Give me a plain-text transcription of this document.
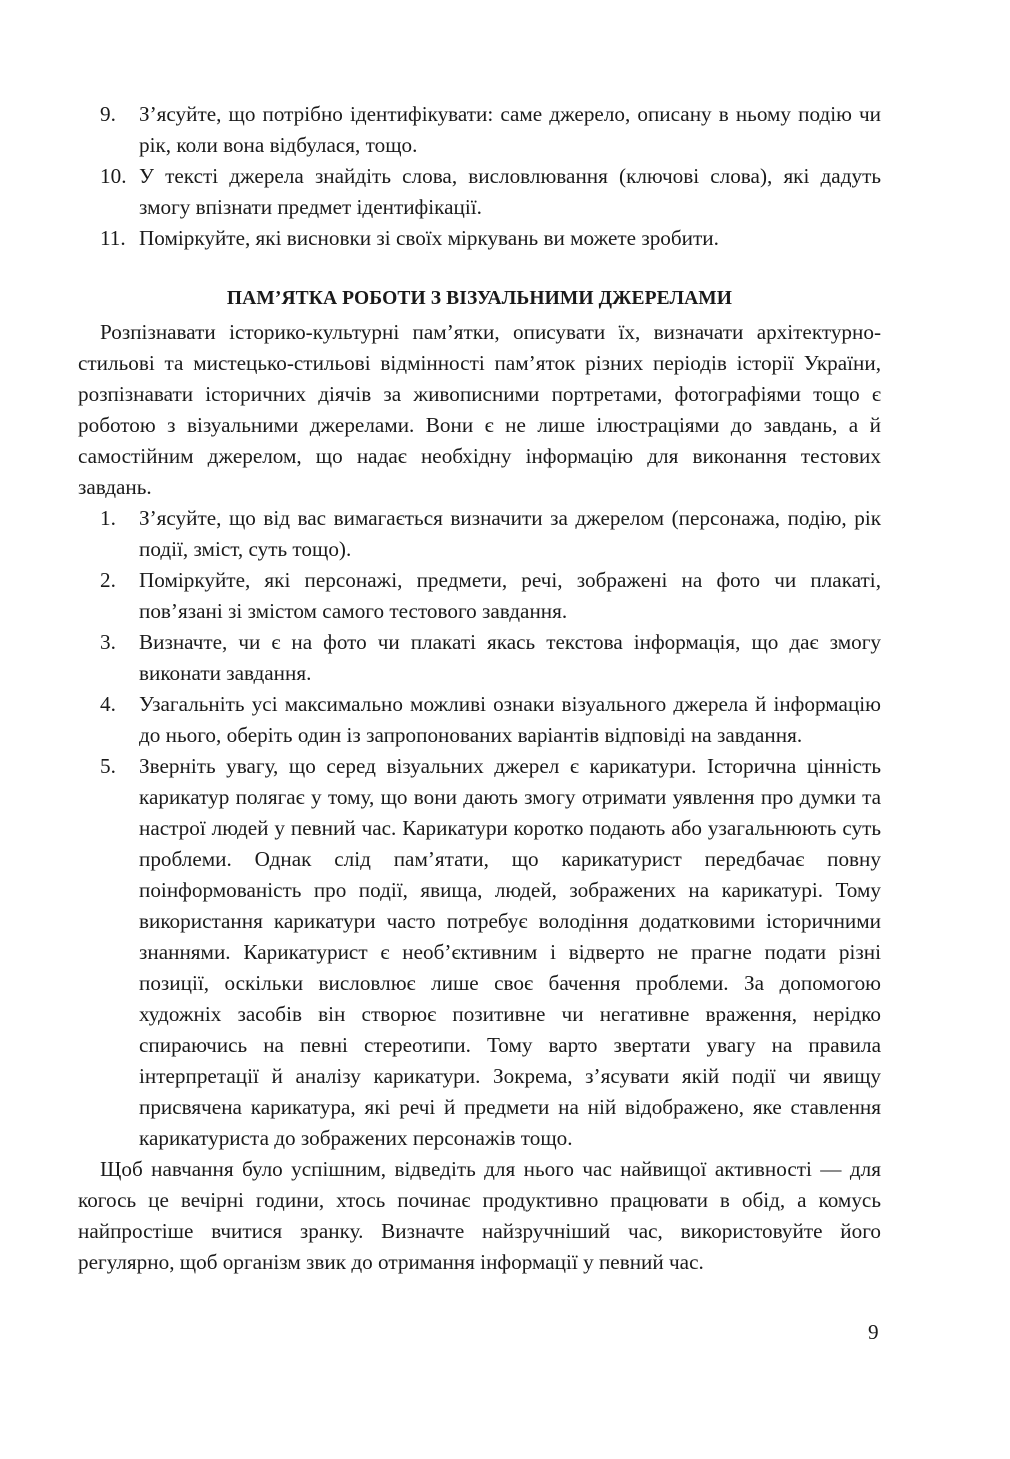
9.	З’ясуйте, що потрібно ідентифікувати: саме джерело, описану в ньому подію чи рік, коли вона відбулася, тощо.
10. У тексті джерела знайдіть слова, висловлювання (ключові слова), які дадуть змогу впізнати предмет ідентифікації.
11. Поміркуйте, які висновки зі своїх міркувань ви можете зробити.
ПАМ’ЯТКА РОБОТИ З ВІЗУАЛЬНИМИ ДЖЕРЕЛАМИ

Розпізнавати історико-культурні пам’ятки, описувати їх, визначати архітектурно-стильові та мистецько-стильові відмінності пам’яток різних періодів історії України, розпізнавати історичних діячів за живописними портретами, фотографіями тощо є роботою з візуальними джерелами. Вони є не лише ілюстраціями до завдань, а й самостійним джерелом, що надає необхідну інформацію для виконання тестових завдань.

1.	З’ясуйте, що від вас вимагається визначити за джерелом (персонажа, подію, рік події, зміст, суть тощо).
2.	Поміркуйте, які персонажі, предмети, речі, зображені на фото чи плакаті, пов’язані зі змістом самого тестового завдання.
3.	Визначте, чи є на фото чи плакаті якась текстова інформація, що дає змогу виконати завдання.
4.	Узагальніть усі максимально можливі ознаки візуального джерела й інформацію до нього, оберіть один із запропонованих варіантів відповіді на завдання.
5.	Зверніть увагу, що серед візуальних джерел є карикатури. Історична цінність карикатур полягає у тому, що вони дають змогу отримати уявлення про думки та настрої людей у певний час. Карикатури коротко подають або узагальнюють суть проблеми. Однак слід пам’ятати, що карикатурист передбачає повну поінформованість про події, явища, людей, зображених на карикатурі. Тому використання карикатури часто потребує володіння додатковими історичними знаннями. Карикатурист є необ’єктивним і відверто не прагне подати різні позиції, оскільки висловлює лише своє бачення проблеми. За допомогою художніх засобів він створює позитивне чи негативне враження, нерідко спираючись на певні стереотипи. Тому варто звертати увагу на правила інтерпретації й аналізу карикатури. Зокрема, з’ясувати якій події чи явищу присвячена карикатура, які речі й предмети на ній відображено, яке ставлення карикатуриста до зображених персонажів тощо.

Щоб навчання було успішним, відведіть для нього час найвищої активності — для когось це вечірні години, хтось починає продуктивно працювати в обід, а комусь найпростіше вчитися зранку. Визначте найзручніший час, використовуйте його регулярно, щоб організм звик до отримання інформації у певний час.

9
